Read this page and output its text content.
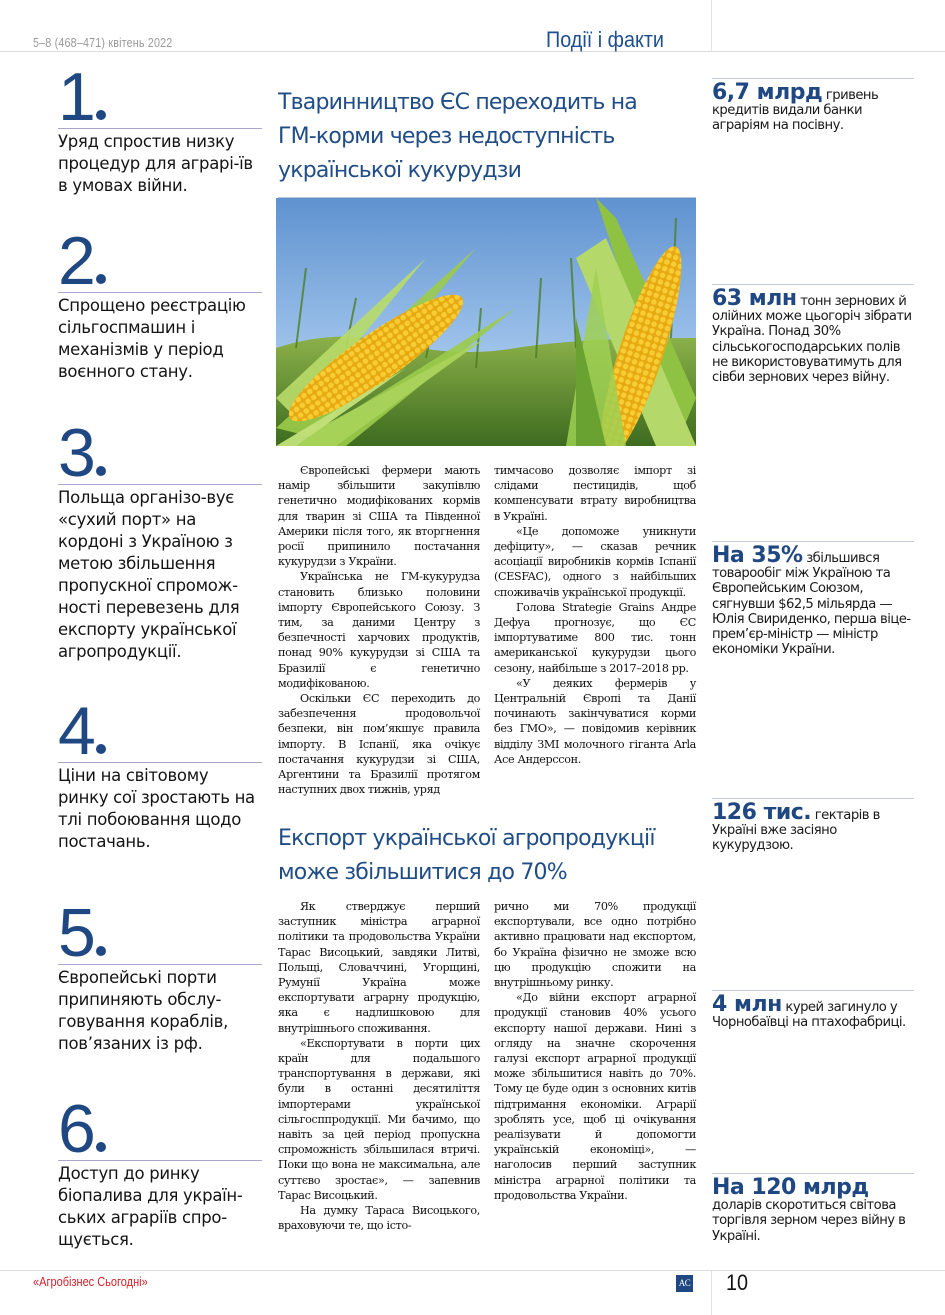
5–8 (468–471) квітень 2022	Події і факти
1
Уряд спростив низку процедур для аграрі-їв в умовах війни.
2
Спрощено реєстрацію сільгоспмашин і механізмів у період воєнного стану.
3
Польща організо-вує «сухий порт» на кордоні з Україною з метою збільшення пропускної спромож-ності перевезень для експорту української агропродукції.
4
Ціни на світовому ринку сої зростають на тлі побоювання щодо постачань.
5
Європейські порти припиняють обслу-говування кораблів, пов’язаних із рф.
6
Доступ до ринку біопалива для україн-ських аграріїв спро-щується.
Тваринництво ЄС переходить на ГМ-корми через недоступність української кукурудзи

Європейські фермери мають намір збільшити закупівлю генетично модифікованих кормів для тварин зі США та Південної Америки після того, як вторгнення росії припинило постачання кукурудзи з України.

Українська не ГМ-кукурудза становить близько половини імпорту Європейського Союзу. З тим, за даними Центру з безпечності харчових продуктів, понад 90% кукурудзи зі США та Бразилії є генетично модифікованою.

Оскільки ЄС переходить до забезпечення продовольчої безпеки, він пом’якшує правила імпорту. В Іспанії, яка очікує постачання кукурудзи зі США, Аргентини та Бразилії протягом наступних двох тижнів, уряд

тимчасово дозволяє імпорт зі слідами пестицидів, щоб компенсувати втрату виробництва в Україні.

«Це допоможе уникнути дефіциту», — сказав речник асоціації виробників кормів Іспанії (CESFAC), одного з найбільших споживачів української продукції.

Голова Strategie Grains Андре Дефуа прогнозує, що ЄС імпортуватиме 800 тис. тонн американської кукурудзи цього сезону, найбільше з 2017–2018 рр.

«У деяких фермерів у Центральній Європі та Данії починають закінчуватися корми без ГМО», — повідомив керівник відділу ЗМІ молочного гіганта Arla Асе Андерссон.

Експорт української агропродукції може збільшитися до 70%

Як стверджує перший заступник міністра аграрної політики та продовольства України Тарас Висоцький, завдяки Литві, Польщі, Словаччині, Угорщині, Румунії Україна може експортувати аграрну продукцію, яка є надлишковою для внутрішнього споживання.

«Експортувати в порти цих країн для подальшого транспортування в держави, які були в останні десятиліття імпортерами української сільгосппродукції. Ми бачимо, що навіть за цей період пропускна спроможність збільшилася втричі. Поки що вона не максимальна, але суттєво зростає», — запевнив Тарас Висоцький.

На думку Тараса Висоцького, враховуючи те, що істо-

рично ми 70% продукції експортували, все одно потрібно активно працювати над експортом, бо Україна фізично не зможе всю цю продукцію спожити на внутрішньому ринку.

«До війни експорт аграрної продукції становив 40% усього експорту нашої держави. Нині з огляду на значне скорочення галузі експорт аграрної продукції може збільшитися навіть до 70%. Тому це буде один з основних китів підтримання економіки. Аграрії зроблять усе, щоб ці очікування реалізувати й допомогти українській економіці», — наголосив перший заступник міністра аграрної політики та продовольства України.

6,7 млрд гривень кредитів видали банки аграріям на посівну.
63 млн тонн зернових й олійних може цьогоріч зібрати Україна. Понад 30% сільськогосподарських полів не використовуватимуть для сівби зернових через війну.
На 35% збільшився товарообіг між Україною та Європейським Союзом, сягнувши $62,5 мільярда — Юлія Свириденко, перша віце-прем’єр-міністр — міністр економіки України.
126 тис. гектарів в Україні вже засіяно кукурудзою.
4 млн курей загинуло у Чорнобаївці на птахофабриці.
На 120 млрд доларів скоротиться світова торгівля зерном через війну в Україні.
«Агробізнес Сьогодні»	AC 10
